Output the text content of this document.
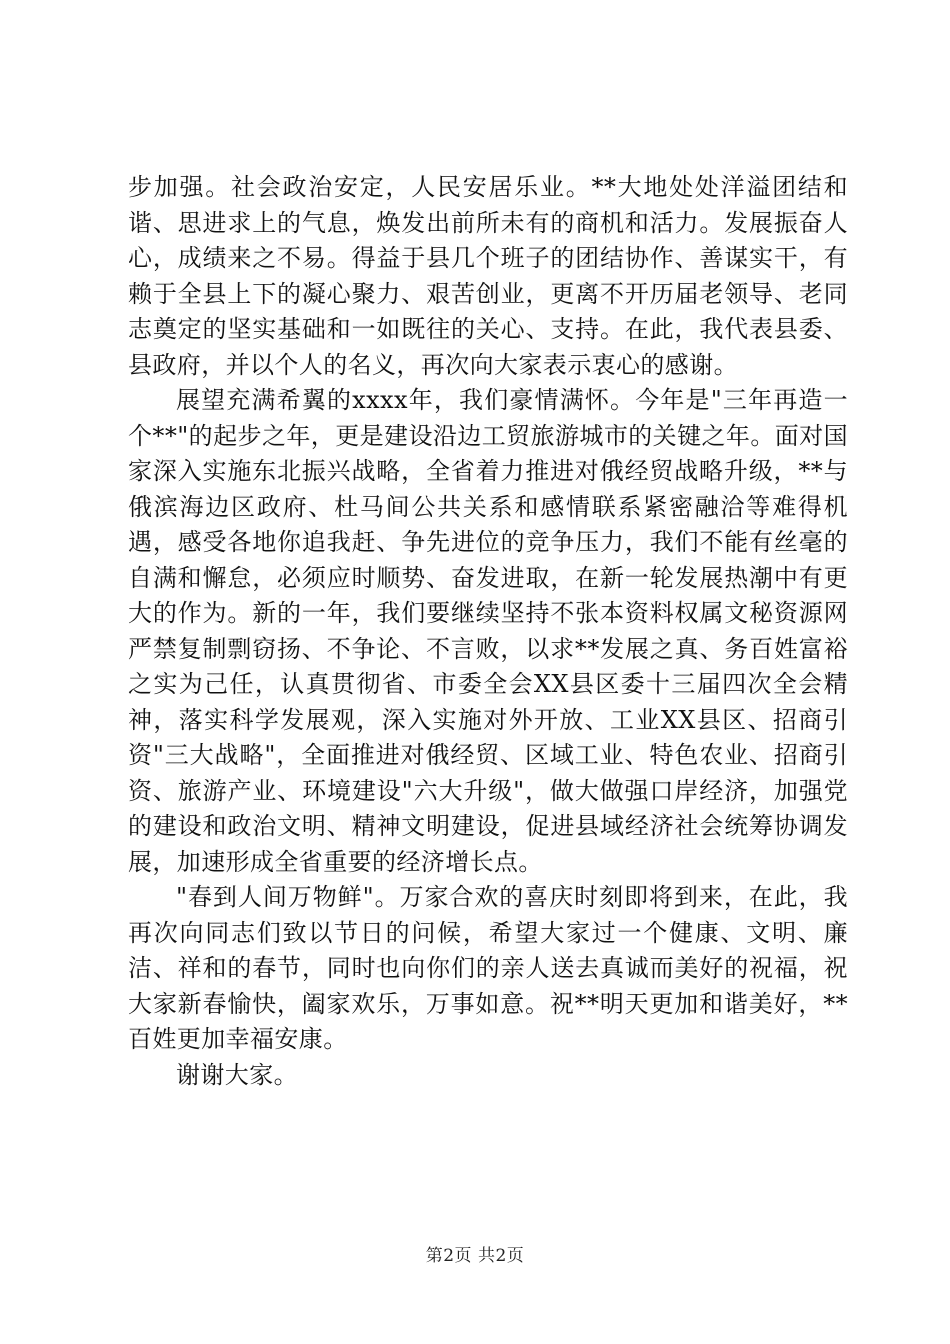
步加强。社会政治安定，人民安居乐业。**大地处处洋溢团结和谐、思进求上的气息，焕发出前所未有的商机和活力。发展振奋人心，成绩来之不易。得益于县几个班子的团结协作、善谋实干，有赖于全县上下的凝心聚力、艰苦创业，更离不开历届老领导、老同志奠定的坚实基础和一如既往的关心、支持。在此，我代表县委、县政府，并以个人的名义，再次向大家表示衷心的感谢。

展望充满希翼的xxxx年，我们豪情满怀。今年是"三年再造一个**"的起步之年，更是建设沿边工贸旅游城市的关键之年。面对国家深入实施东北振兴战略，全省着力推进对俄经贸战略升级，**与俄滨海边区政府、杜马间公共关系和感情联系紧密融洽等难得机遇，感受各地你追我赶、争先进位的竞争压力，我们不能有丝毫的自满和懈怠，必须应时顺势、奋发进取，在新一轮发展热潮中有更大的作为。新的一年，我们要继续坚持不张本资料权属文秘资源网严禁复制剽窃扬、不争论、不言败，以求**发展之真、务百姓富裕之实为己任，认真贯彻省、市委全会XX县区委十三届四次全会精神，落实科学发展观，深入实施对外开放、工业XX县区、招商引资"三大战略"，全面推进对俄经贸、区域工业、特色农业、招商引资、旅游产业、环境建设"六大升级"，做大做强口岸经济，加强党的建设和政治文明、精神文明建设，促进县域经济社会统筹协调发展，加速形成全省重要的经济增长点。

"春到人间万物鲜"。万家合欢的喜庆时刻即将到来，在此，我再次向同志们致以节日的问候，希望大家过一个健康、文明、廉洁、祥和的春节，同时也向你们的亲人送去真诚而美好的祝福，祝大家新春愉快，阖家欢乐，万事如意。祝**明天更加和谐美好，**百姓更加幸福安康。

谢谢大家。

第2页 共2页
